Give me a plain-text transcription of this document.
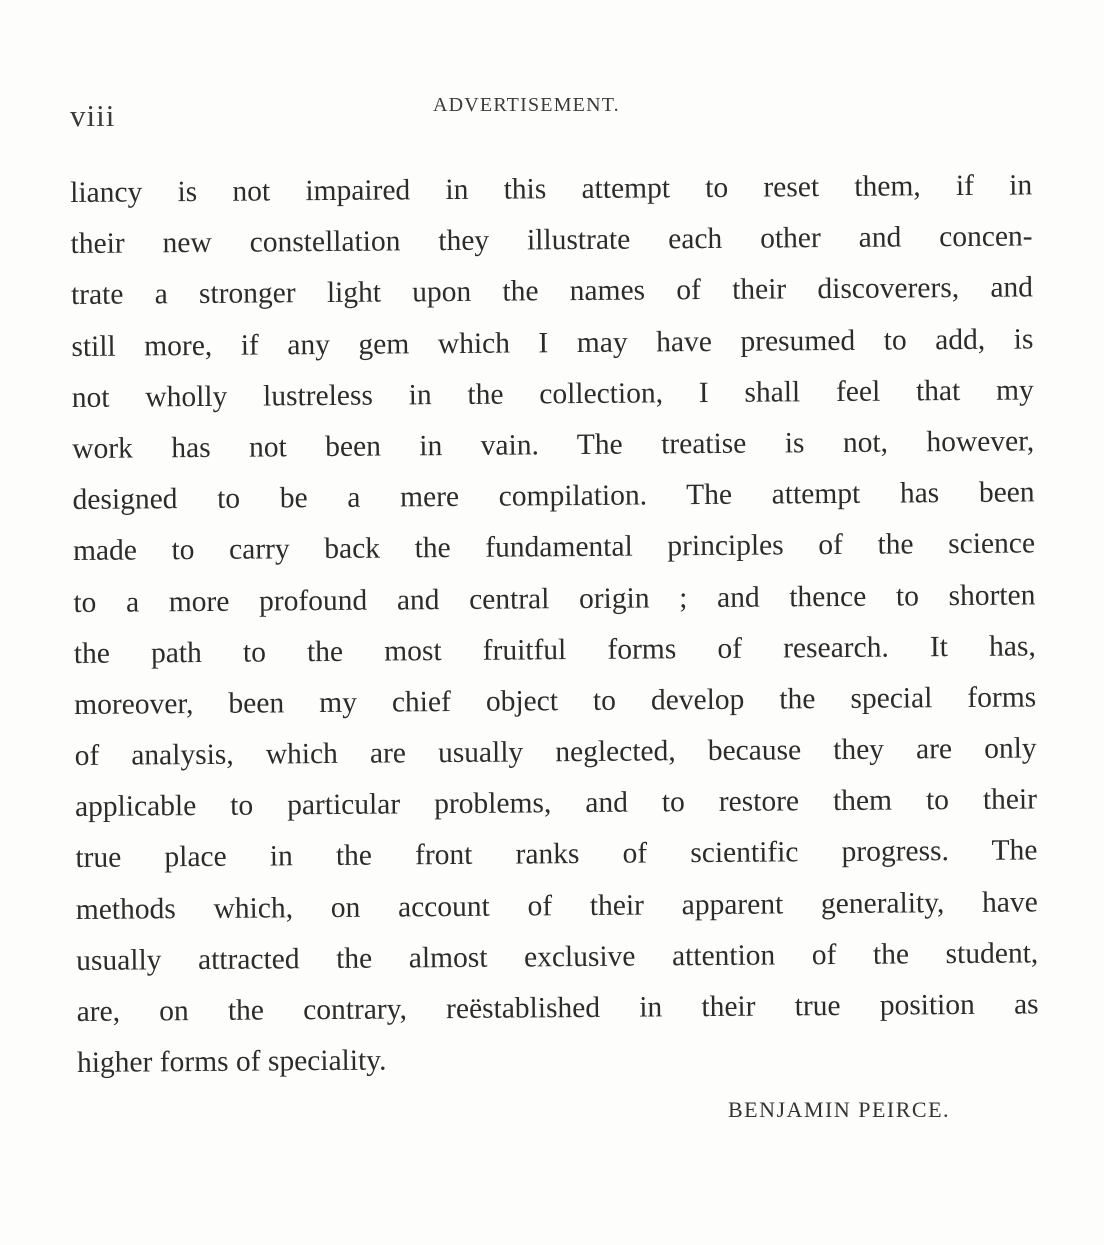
viii	ADVERTISEMENT.
liancy is not impaired in this attempt to reset them, if in
their new constellation they illustrate each other and concen-
trate a stronger light upon the names of their discoverers, and
still more, if any gem which I may have presumed to add, is
not wholly lustreless in the collection, I shall feel that my
work has not been in vain. The treatise is not, however,
designed to be a mere compilation. The attempt has been
made to carry back the fundamental principles of the science
to a more profound and central origin ; and thence to shorten
the path to the most fruitful forms of research. It has,
moreover, been my chief object to develop the special forms
of analysis, which are usually neglected, because they are only
applicable to particular problems, and to restore them to their
true place in the front ranks of scientific progress. The
methods which, on account of their apparent generality, have
usually attracted the almost exclusive attention of the student,
are, on the contrary, reëstablished in their true position as
higher forms of speciality.
BENJAMIN PEIRCE.
